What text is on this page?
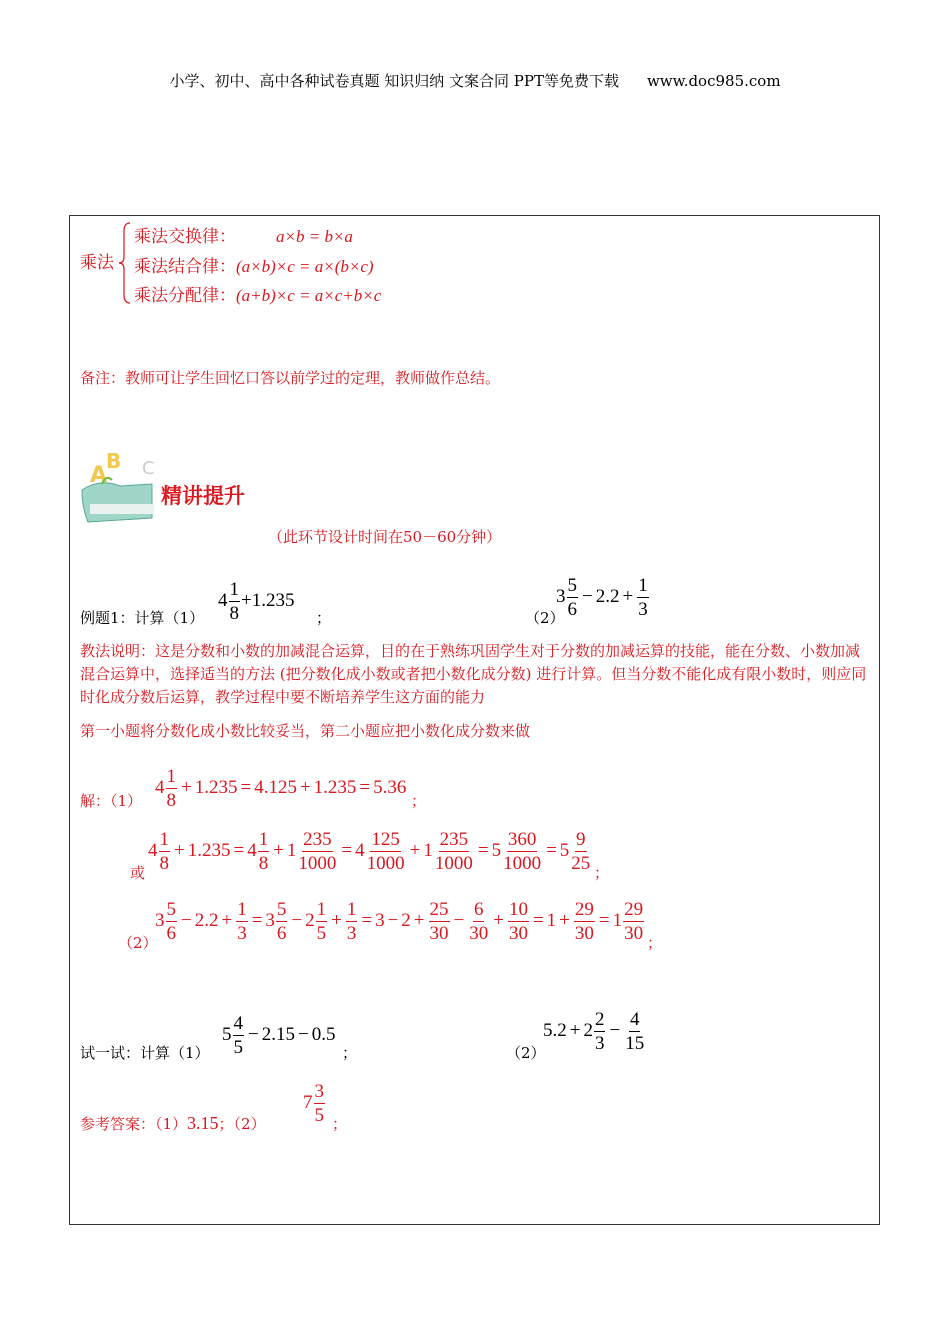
小学、初中、高中各种试卷真题 知识归纳 文案合同 PPT等免费下载 www.doc985.com
乘法
乘法交换律： a×b = b×a
乘法结合律：(a×b)×c = a×(b×c)
乘法分配律：(a+b)×c = a×c+b×c
备注：教师可让学生回忆口答以前学过的定理，教师做作总结。
A
B C
精讲提升
（此环节设计时间在50－60分钟）
例题1：计算（1）
$4 \frac{1}{8} +1.235$
；	（2）
$3 \frac{5}{6} - 2.2 + \frac{1}{3}$
教法说明：这是分数和小数的加减混合运算，目的在于熟练巩固学生对于分数的加减运算的技能，能在分数、小数加减混合运算中，选择适当的方法 (把分数化成小数或者把小数化成分数) 进行计算。但当分数不能化成有限小数时，则应同时化成分数后运算，教学过程中要不断培养学生这方面的能力
第一小题将分数化成小数比较妥当，第二小题应把小数化成分数来做
解：（1）
$4 \frac{1}{8} + 1.235 = 4.125 + 1.235 = 5.36$
；
或
$4 \frac{1}{8} + 1.235 = 4 \frac{1}{8} + 1 \frac{235}{1000} = 4 \frac{125}{1000} + 1 \frac{235}{1000} = 5 \frac{360}{1000} = 5 \frac{9}{25}$ ；
（2）
$3 \frac{5}{6} - 2.2 + \frac{1}{3} = 3 \frac{5}{6} - 2 \frac{1}{5} + \frac{1}{3} = 3 - 2 + \frac{25}{30} - \frac{6}{30} + \frac{10}{30} = 1 + \frac{29}{30} = 1 \frac{29}{30}$ ；
试一试：计算（1）
$5 \frac{4}{5} - 2.15 - 0.5$
；	（2）
$5.2 + 2 \frac{2}{3} - \frac{4}{15}$
参考答案：（1）3.15；（2）
$7 \frac{3}{5}$ ；
